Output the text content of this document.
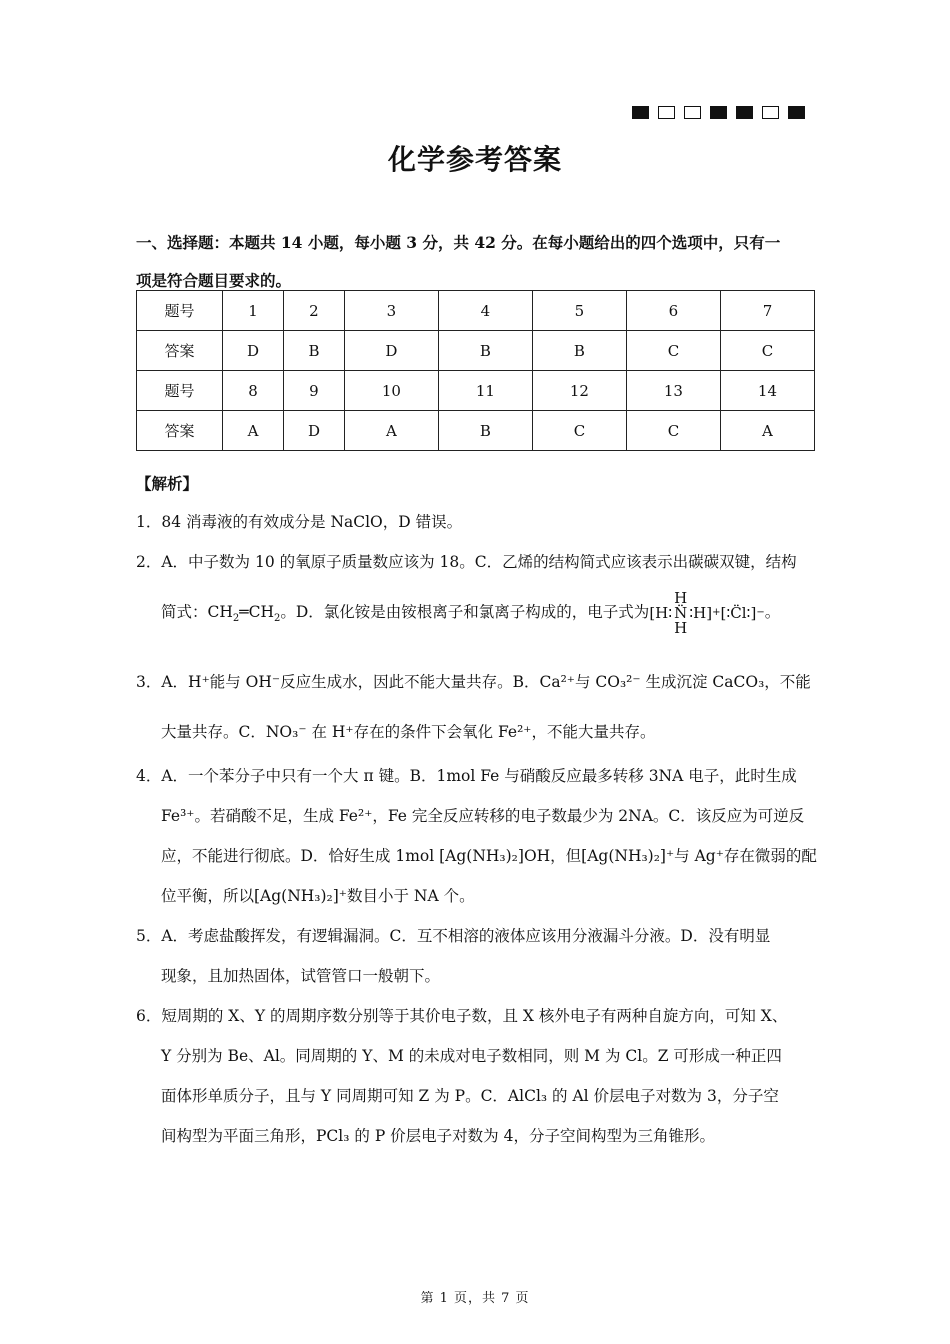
化学参考答案
一、选择题：本题共 14 小题，每小题 3 分，共 42 分。在每小题给出的四个选项中，只有一
项是符合题目要求的。
题号	1	2	3	4	5	6	7
答案	D	B	D	B	B	C	C
题号	8	9	10	11	12	13	14
答案	A	D	A	B	C	C	A
【解析】
1．84 消毒液的有效成分是 NaClO，D 错误。
2．A．中子数为 10 的氧原子质量数应该为 18。C．乙烯的结构简式应该表示出碳碳双键，结构
简式：$CH_2═CH_2$。D．氯化铵是由铵根离子和氯离子构成的，电子式为[H∶
H
N̈
H
∶H] + [∶C̈l∶] − 。
3．A．H⁺能与 OH⁻反应生成水，因此不能大量共存。B．Ca²⁺与 CO₃²⁻ 生成沉淀 CaCO₃，不能
大量共存。C．NO₃⁻ 在 H⁺存在的条件下会氧化 Fe²⁺，不能大量共存。
4．A．一个苯分子中只有一个大 π 键。B．1mol Fe 与硝酸反应最多转移 3NA 电子，此时生成
Fe³⁺。若硝酸不足，生成 Fe²⁺，Fe 完全反应转移的电子数最少为 2NA。C．该反应为可逆反
应，不能进行彻底。D．恰好生成 1mol [Ag(NH₃)₂]OH，但[Ag(NH₃)₂]⁺与 Ag⁺存在微弱的配
位平衡，所以[Ag(NH₃)₂]⁺数目小于 NA 个。
5．A．考虑盐酸挥发，有逻辑漏洞。C．互不相溶的液体应该用分液漏斗分液。D．没有明显
现象，且加热固体，试管管口一般朝下。
6．短周期的 X、Y 的周期序数分别等于其价电子数，且 X 核外电子有两种自旋方向，可知 X、
Y 分别为 Be、Al。同周期的 Y、M 的未成对电子数相同，则 M 为 Cl。Z 可形成一种正四
面体形单质分子，且与 Y 同周期可知 Z 为 P。C．AlCl₃ 的 Al 价层电子对数为 3，分子空
间构型为平面三角形，PCl₃ 的 P 价层电子对数为 4，分子空间构型为三角锥形。
第 1 页，共 7 页
